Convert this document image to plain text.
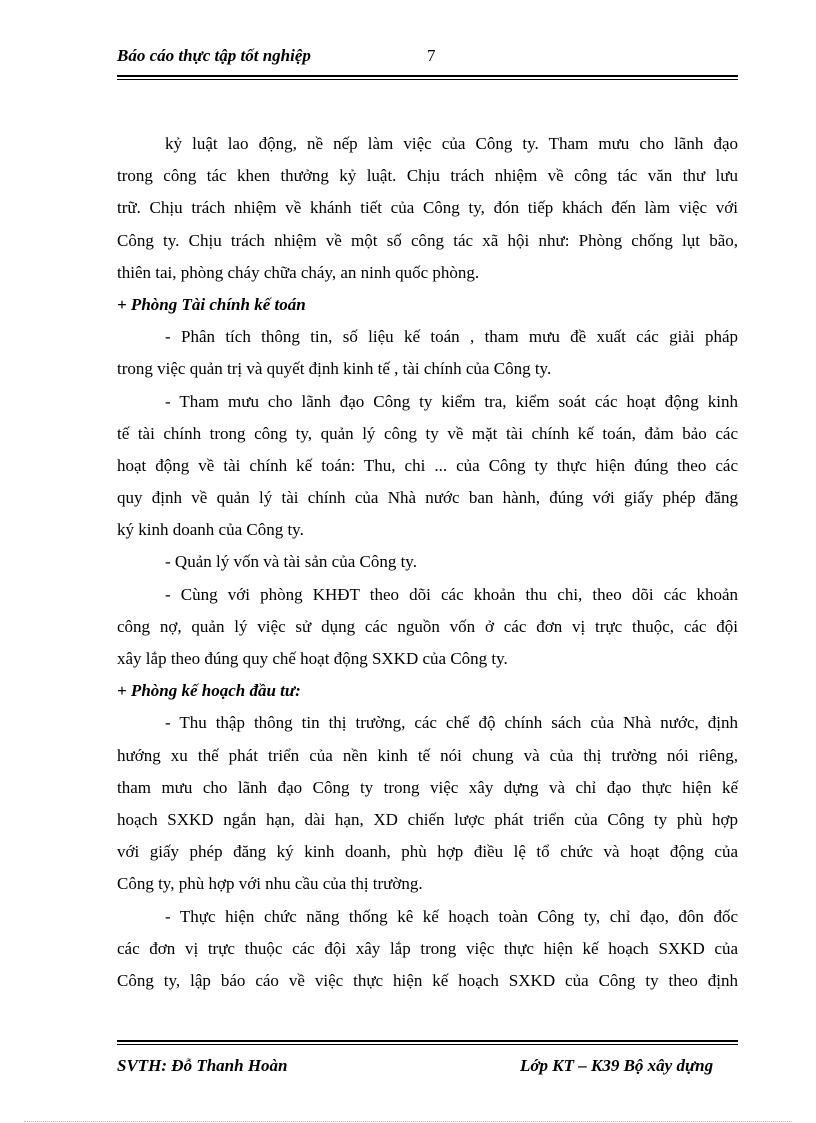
Báo cáo thực tập tốt nghiệp	7
kỷ luật lao động, nề nếp làm việc của Công ty. Tham mưu cho lãnh đạo
trong công tác khen thưởng kỷ luật. Chịu trách nhiệm về công tác văn thư lưu
trữ. Chịu trách nhiệm về khánh tiết của Công ty, đón tiếp khách đến làm việc với
Công ty. Chịu trách nhiệm về một số công tác xã hội như: Phòng chống lụt bão,
thiên tai, phòng cháy chữa cháy, an ninh quốc phòng.
+ Phòng Tài chính kế toán
- Phân tích thông tin, số liệu kế toán , tham mưu đề xuất các giải pháp
trong việc quản trị và quyết định kinh tế , tài chính của Công ty.
- Tham mưu cho lãnh đạo Công ty kiểm tra, kiểm soát các hoạt động kinh
tế tài chính trong công ty, quản lý công ty về mặt tài chính kế toán, đảm bảo các
hoạt động về tài chính kế toán: Thu, chi ... của Công ty thực hiện đúng theo các
quy định về quản lý tài chính của Nhà nước ban hành, đúng với giấy phép đăng
ký kinh doanh của Công ty.
- Quản lý vốn và tài sản của Công ty.
- Cùng với phòng KHĐT theo dõi các khoản thu chi, theo dõi các khoản
công nợ, quản lý việc sử dụng các nguồn vốn ở các đơn vị trực thuộc, các đội
xây lắp theo đúng quy chế hoạt động SXKD của Công ty.
+ Phòng kế hoạch đầu tư:
- Thu thập thông tin thị trường, các chế độ chính sách của Nhà nước, định
hướng xu thế phát triển của nền kinh tế nói chung và của thị trường nói riêng,
tham mưu cho lãnh đạo Công ty trong việc xây dựng và chỉ đạo thực hiện kế
hoạch SXKD ngắn hạn, dài hạn, XD chiến lược phát triển của Công ty phù hợp
với giấy phép đăng ký kinh doanh, phù hợp điều lệ tổ chức và hoạt động của
Công ty, phù hợp với nhu cầu của thị trường.
- Thực hiện chức năng thống kê kế hoạch toàn Công ty, chỉ đạo, đôn đốc
các đơn vị trực thuộc các đội xây lắp trong việc thực hiện kế hoạch SXKD của
Công ty, lập báo cáo về việc thực hiện kế hoạch SXKD của Công ty theo định
SVTH: Đỗ Thanh Hoàn	Lớp KT – K39 Bộ xây dựng
